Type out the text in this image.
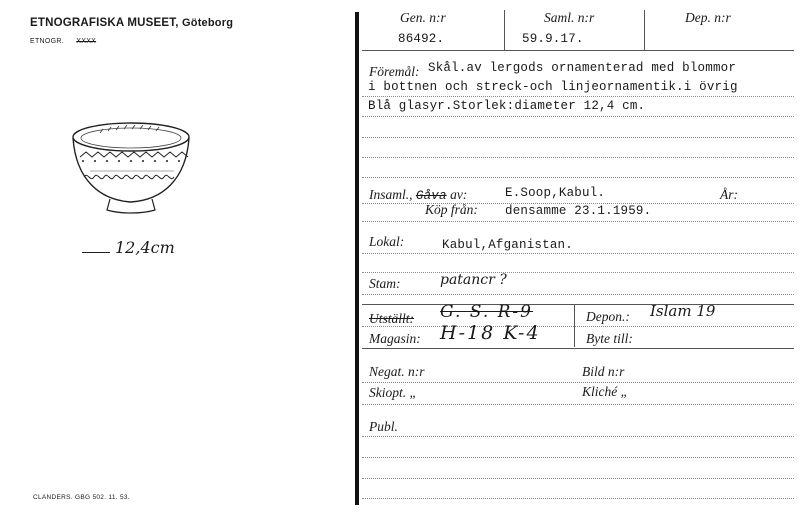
ETNOGRAFISKA MUSEET, Göteborg
ETNOGR. XXXX
12,4cm
CLANDERS. GBG 502. 11. 53.
Gen. n:r
86492.
Saml. n:r
59.9.17.
Dep. n:r
Föremål: Skål.av lergods ornamenterad med blommor
i bottnen och streck-och linjeornamentik.i övrig
Blå glasyr.Storlek:diameter 12,4 cm.
Insaml., Gåva av:	E.Soop,Kabul.	År:
Köp från: densamme 23.1.1959.
Lokal:	Kabul,Afganistan.
Stam:	patancr ?
Utställt: G. S. R-9	Depon.: Islam 19
Magasin: H-18 K-4	Byte till:
Negat. n:r	Bild n:r
Skiopt. „	Kliché „
Publ.
